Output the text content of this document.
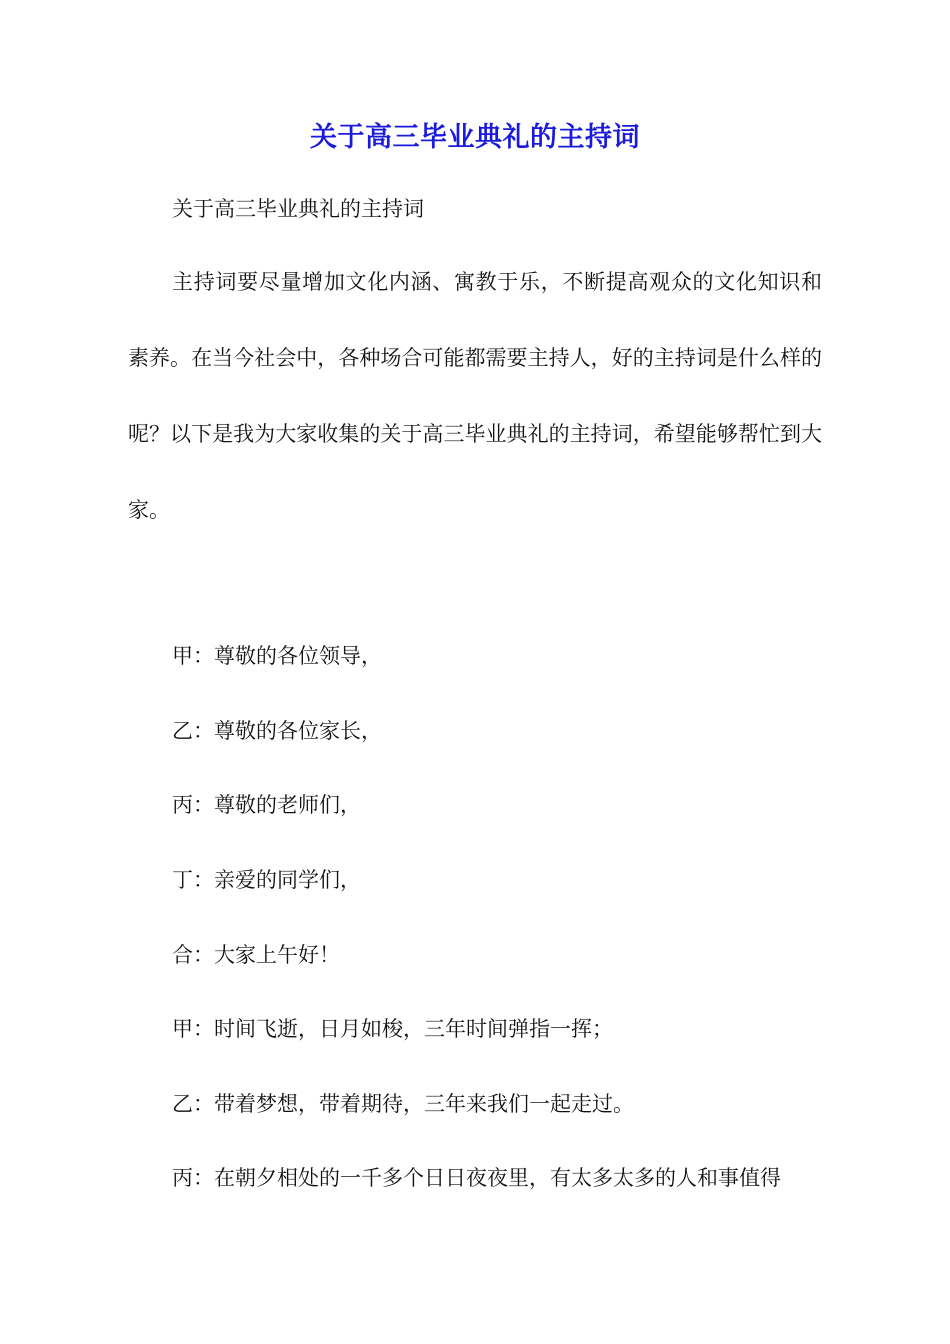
关于高三毕业典礼的主持词
关于高三毕业典礼的主持词
主持词要尽量增加文化内涵、寓教于乐，不断提高观众的文化知识和素养。在当今社会中，各种场合可能都需要主持人，好的主持词是什么样的呢？以下是我为大家收集的关于高三毕业典礼的主持词，希望能够帮忙到大家。
甲：尊敬的各位领导，
乙：尊敬的各位家长，
丙：尊敬的老师们，
丁：亲爱的同学们，
合：大家上午好！
甲：时间飞逝，日月如梭，三年时间弹指一挥；
乙：带着梦想，带着期待，三年来我们一起走过。
丙：在朝夕相处的一千多个日日夜夜里，有太多太多的人和事值得
